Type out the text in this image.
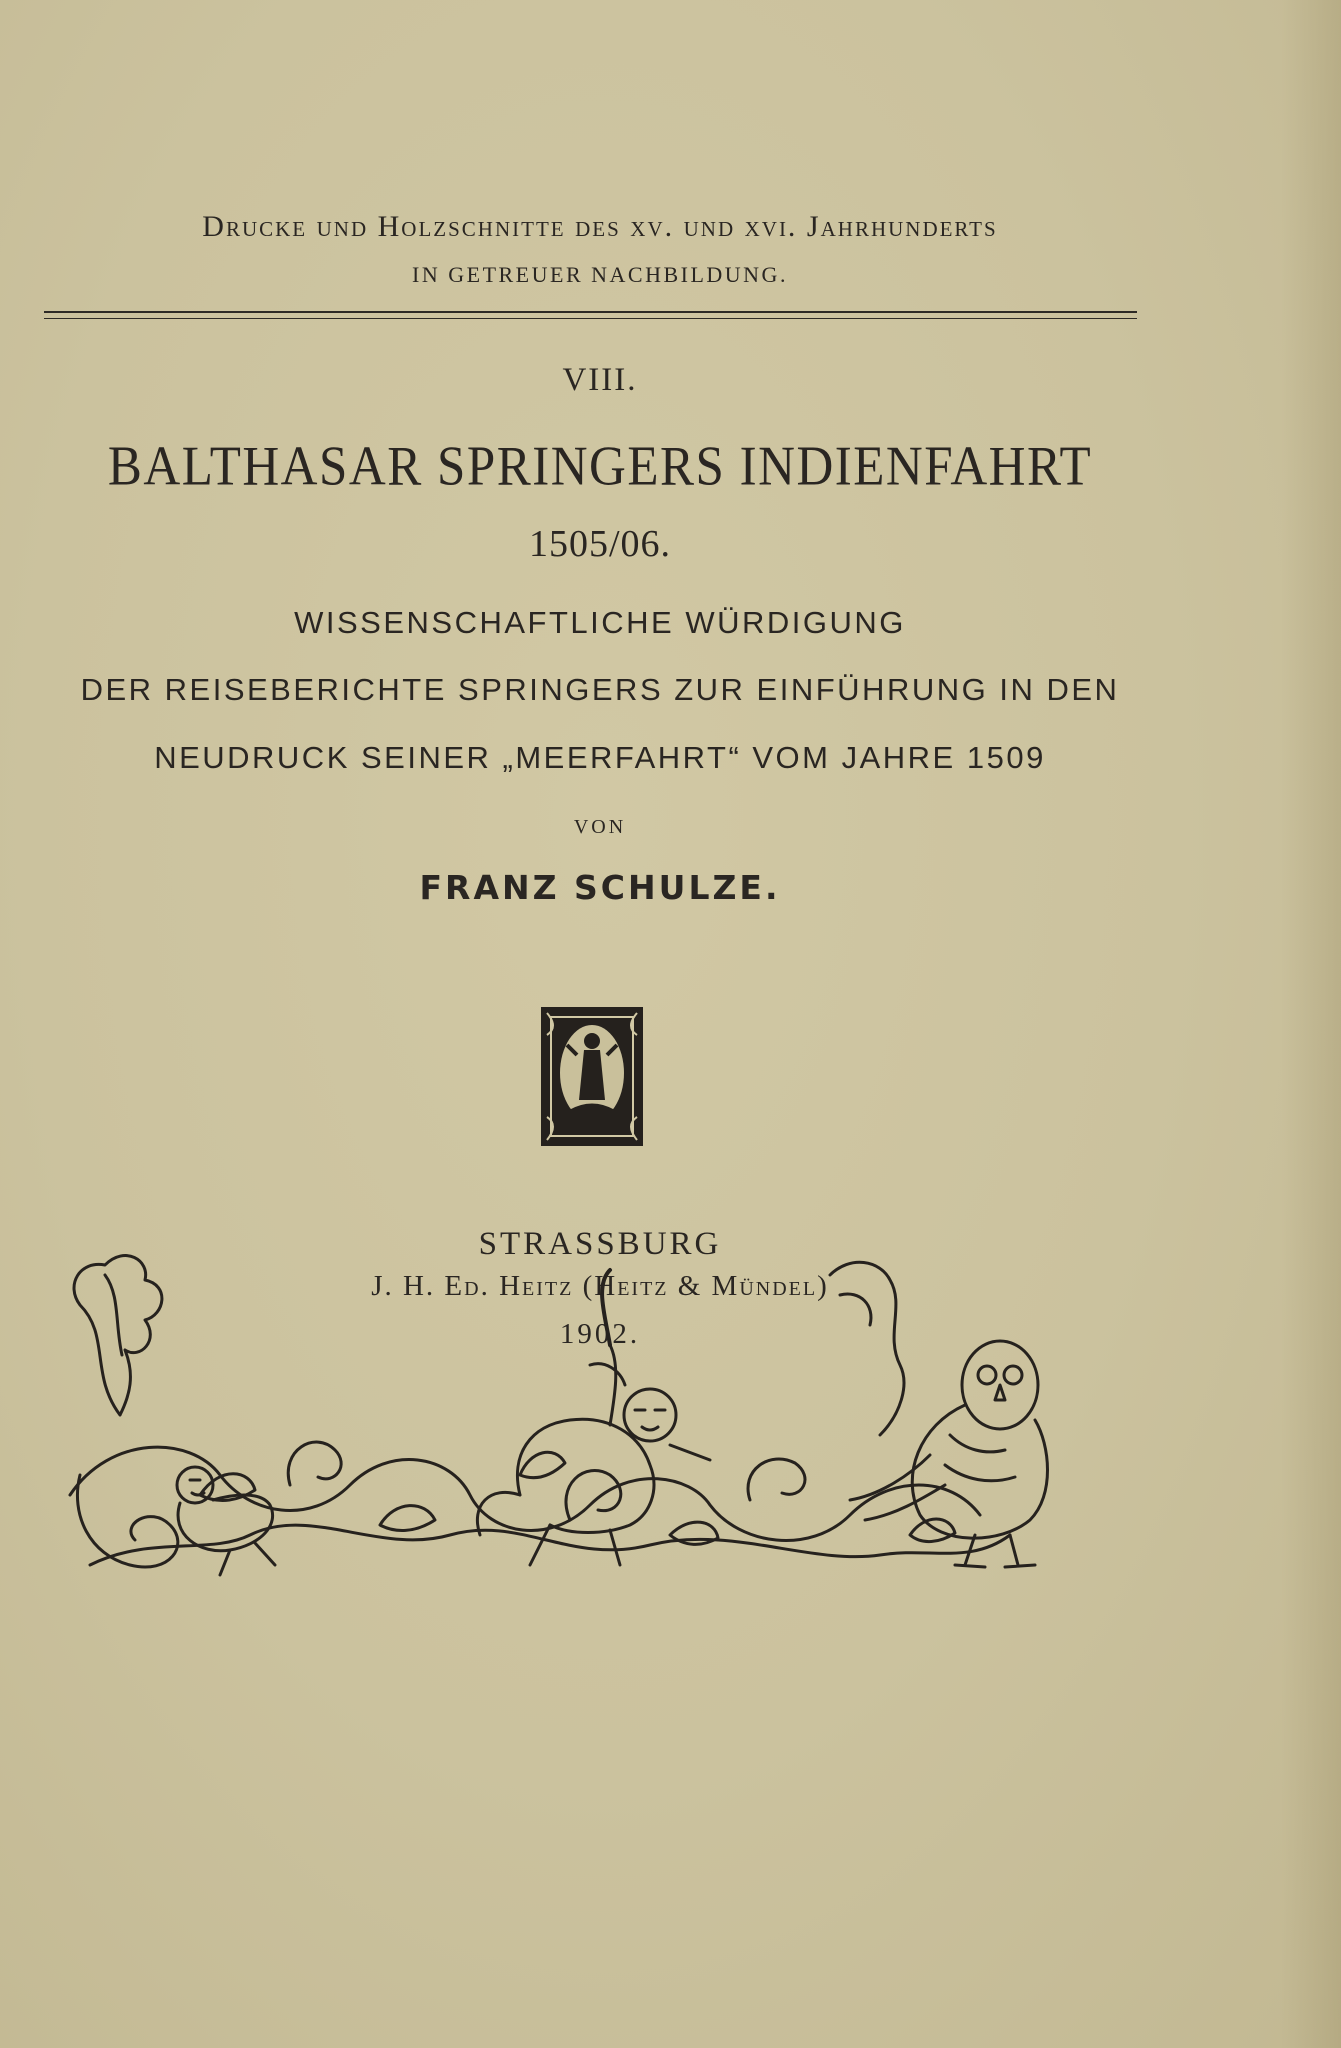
Drucke und Holzschnitte des xv. und xvi. Jahrhunderts
IN GETREUER NACHBILDUNG.
VIII.
BALTHASAR SPRINGERS INDIENFAHRT
1505/06.
WISSENSCHAFTLICHE WÜRDIGUNG
DER REISEBERICHTE SPRINGERS ZUR EINFÜHRUNG IN DEN
NEUDRUCK SEINER „MEERFAHRT“ VOM JAHRE 1509
VON
FRANZ SCHULZE.
STRASSBURG
J. H. Ed. Heitz (Heitz & Mündel)
1902.
